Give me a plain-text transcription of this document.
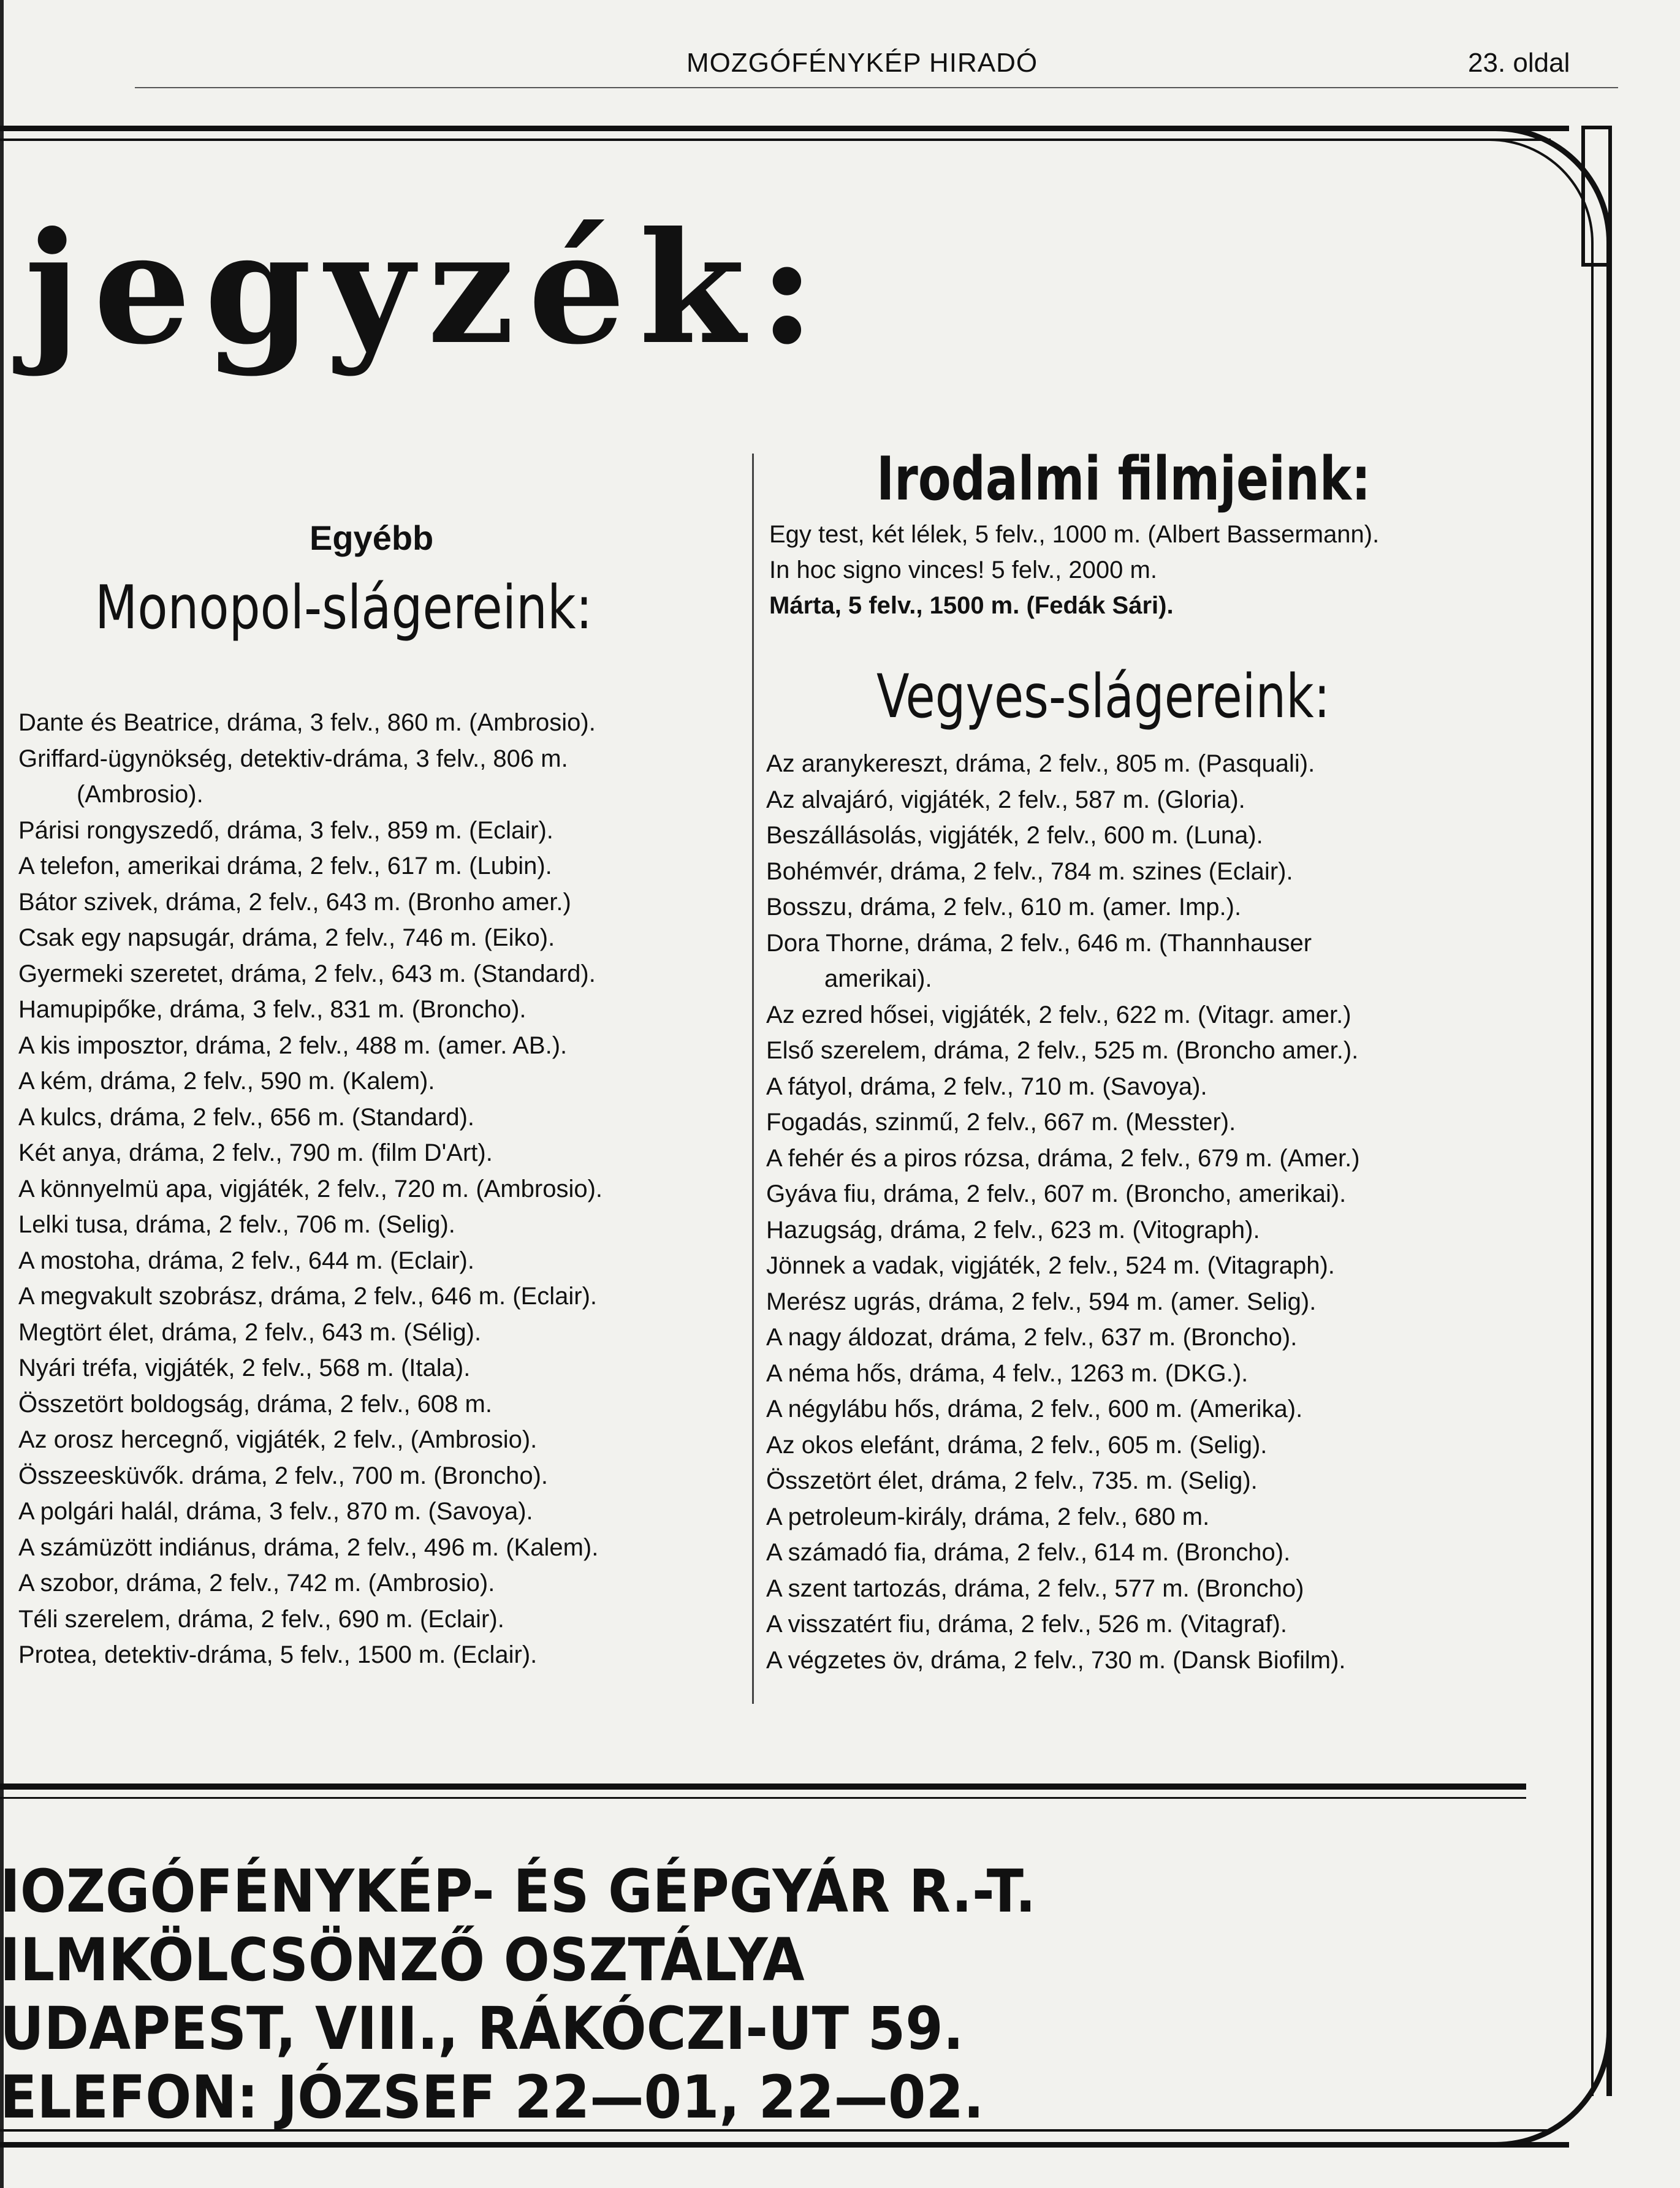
MOZGÓFÉNYKÉP HIRADÓ	23. oldal
jegyzék:
Egyébb
Monopol-slágereink:
Dante és Beatrice, dráma, 3 felv., 860 m. (Ambrosio).
Griffard-ügynökség, detektiv-dráma, 3 felv., 806 m.
(Ambrosio).
Párisi rongyszedő, dráma, 3 felv., 859 m. (Eclair).
A telefon, amerikai dráma, 2 felv., 617 m. (Lubin).
Bátor szivek, dráma, 2 felv., 643 m. (Bronho amer.)
Csak egy napsugár, dráma, 2 felv., 746 m. (Eiko).
Gyermeki szeretet, dráma, 2 felv., 643 m. (Standard).
Hamupipőke, dráma, 3 felv., 831 m. (Broncho).
A kis imposztor, dráma, 2 felv., 488 m. (amer. AB.).
A kém, dráma, 2 felv., 590 m. (Kalem).
A kulcs, dráma, 2 felv., 656 m. (Standard).
Két anya, dráma, 2 felv., 790 m. (film D'Art).
A könnyelmü apa, vigjáték, 2 felv., 720 m. (Ambrosio).
Lelki tusa, dráma, 2 felv., 706 m. (Selig).
A mostoha, dráma, 2 felv., 644 m. (Eclair).
A megvakult szobrász, dráma, 2 felv., 646 m. (Eclair).
Megtört élet, dráma, 2 felv., 643 m. (Sélig).
Nyári tréfa, vigjáték, 2 felv., 568 m. (Itala).
Összetört boldogság, dráma, 2 felv., 608 m.
Az orosz hercegnő, vigjáték, 2 felv., (Ambrosio).
Összeesküvők. dráma, 2 felv., 700 m. (Broncho).
A polgári halál, dráma, 3 felv., 870 m. (Savoya).
A számüzött indiánus, dráma, 2 felv., 496 m. (Kalem).
A szobor, dráma, 2 felv., 742 m. (Ambrosio).
Téli szerelem, dráma, 2 felv., 690 m. (Eclair).
Protea, detektiv-dráma, 5 felv., 1500 m. (Eclair).
Irodalmi filmjeink:
Egy test, két lélek, 5 felv., 1000 m. (Albert Bassermann).
In hoc signo vinces! 5 felv., 2000 m.
Márta, 5 felv., 1500 m. (Fedák Sári).
Vegyes-slágereink:
Az aranykereszt, dráma, 2 felv., 805 m. (Pasquali).
Az alvajáró, vigjáték, 2 felv., 587 m. (Gloria).
Beszállásolás, vigjáték, 2 felv., 600 m. (Luna).
Bohémvér, dráma, 2 felv., 784 m. szines (Eclair).
Bosszu, dráma, 2 felv., 610 m. (amer. Imp.).
Dora Thorne, dráma, 2 felv., 646 m. (Thannhauser
amerikai).
Az ezred hősei, vigjáték, 2 felv., 622 m. (Vitagr. amer.)
Első szerelem, dráma, 2 felv., 525 m. (Broncho amer.).
A fátyol, dráma, 2 felv., 710 m. (Savoya).
Fogadás, szinmű, 2 felv., 667 m. (Messter).
A fehér és a piros rózsa, dráma, 2 felv., 679 m. (Amer.)
Gyáva fiu, dráma, 2 felv., 607 m. (Broncho, amerikai).
Hazugság, dráma, 2 felv., 623 m. (Vitograph).
Jönnek a vadak, vigjáték, 2 felv., 524 m. (Vitagraph).
Merész ugrás, dráma, 2 felv., 594 m. (amer. Selig).
A nagy áldozat, dráma, 2 felv., 637 m. (Broncho).
A néma hős, dráma, 4 felv., 1263 m. (DKG.).
A négylábu hős, dráma, 2 felv., 600 m. (Amerika).
Az okos elefánt, dráma, 2 felv., 605 m. (Selig).
Összetört élet, dráma, 2 felv., 735. m. (Selig).
A petroleum-király, dráma, 2 felv., 680 m.
A számadó fia, dráma, 2 felv., 614 m. (Broncho).
A szent tartozás, dráma, 2 felv., 577 m. (Broncho)
A visszatért fiu, dráma, 2 felv., 526 m. (Vitagraf).
A végzetes öv, dráma, 2 felv., 730 m. (Dansk Biofilm).
IOZGÓFÉNYKÉP- ÉS GÉPGYÁR R.-T.
ILMKÖLCSÖNZŐ OSZTÁLYA
UDAPEST, VIII., RÁKÓCZI-UT 59.
ELEFON: JÓZSEF 22—01, 22—02.
